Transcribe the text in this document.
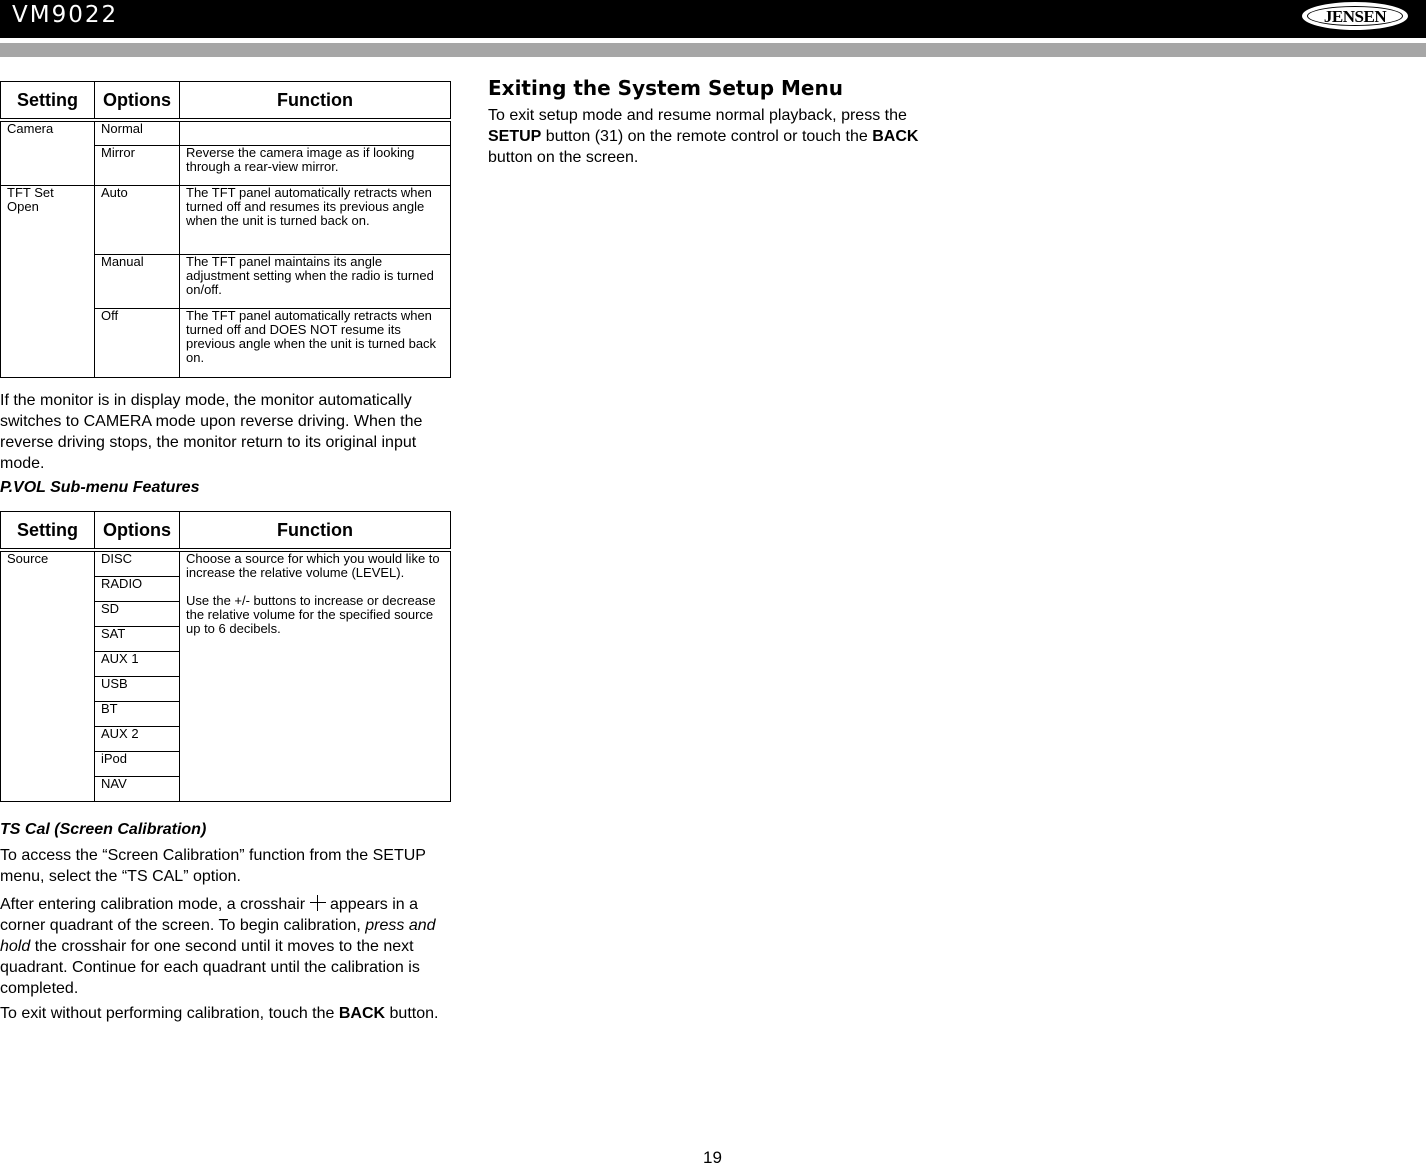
VM9022	JENSEN
Setting	Options	Function

Camera	Normal	
	Mirror	Reverse the camera image as if looking through a rear-view mirror.
TFT Set Open	Auto	The TFT panel automatically retracts when turned off and resumes its previous angle when the unit is turned back on.
	Manual	The TFT panel maintains its angle adjustment setting when the radio is turned on/off.
	Off	The TFT panel automatically retracts when turned off and DOES NOT resume its previous angle when the unit is turned back on.
If the monitor is in display mode, the monitor automatically switches to CAMERA mode upon reverse driving. When the reverse driving stops, the monitor return to its original input mode.
P.VOL Sub-menu Features
Setting	Options	Function

Source	DISC	Choose a source for which you would like to increase the relative volume (LEVEL).
Use the +/- buttons to increase or decrease the relative volume for the specified source up to 6 decibels.

	RADIO	
	SD	
	SAT	
	AUX 1	
	USB	
	BT	
	AUX 2	
	iPod	
	NAV	
TS Cal (Screen Calibration)
To access the “Screen Calibration” function from the SETUP menu, select the “TS CAL” option.
After entering calibration mode, a crosshair appears in a corner quadrant of the screen. To begin calibration, press and hold the crosshair for one second until it moves to the next quadrant. Continue for each quadrant until the calibration is completed.
To exit without performing calibration, touch the BACK button.
Exiting the System Setup Menu
To exit setup mode and resume normal playback, press the SETUP button (31) on the remote control or touch the BACK button on the screen.
19
